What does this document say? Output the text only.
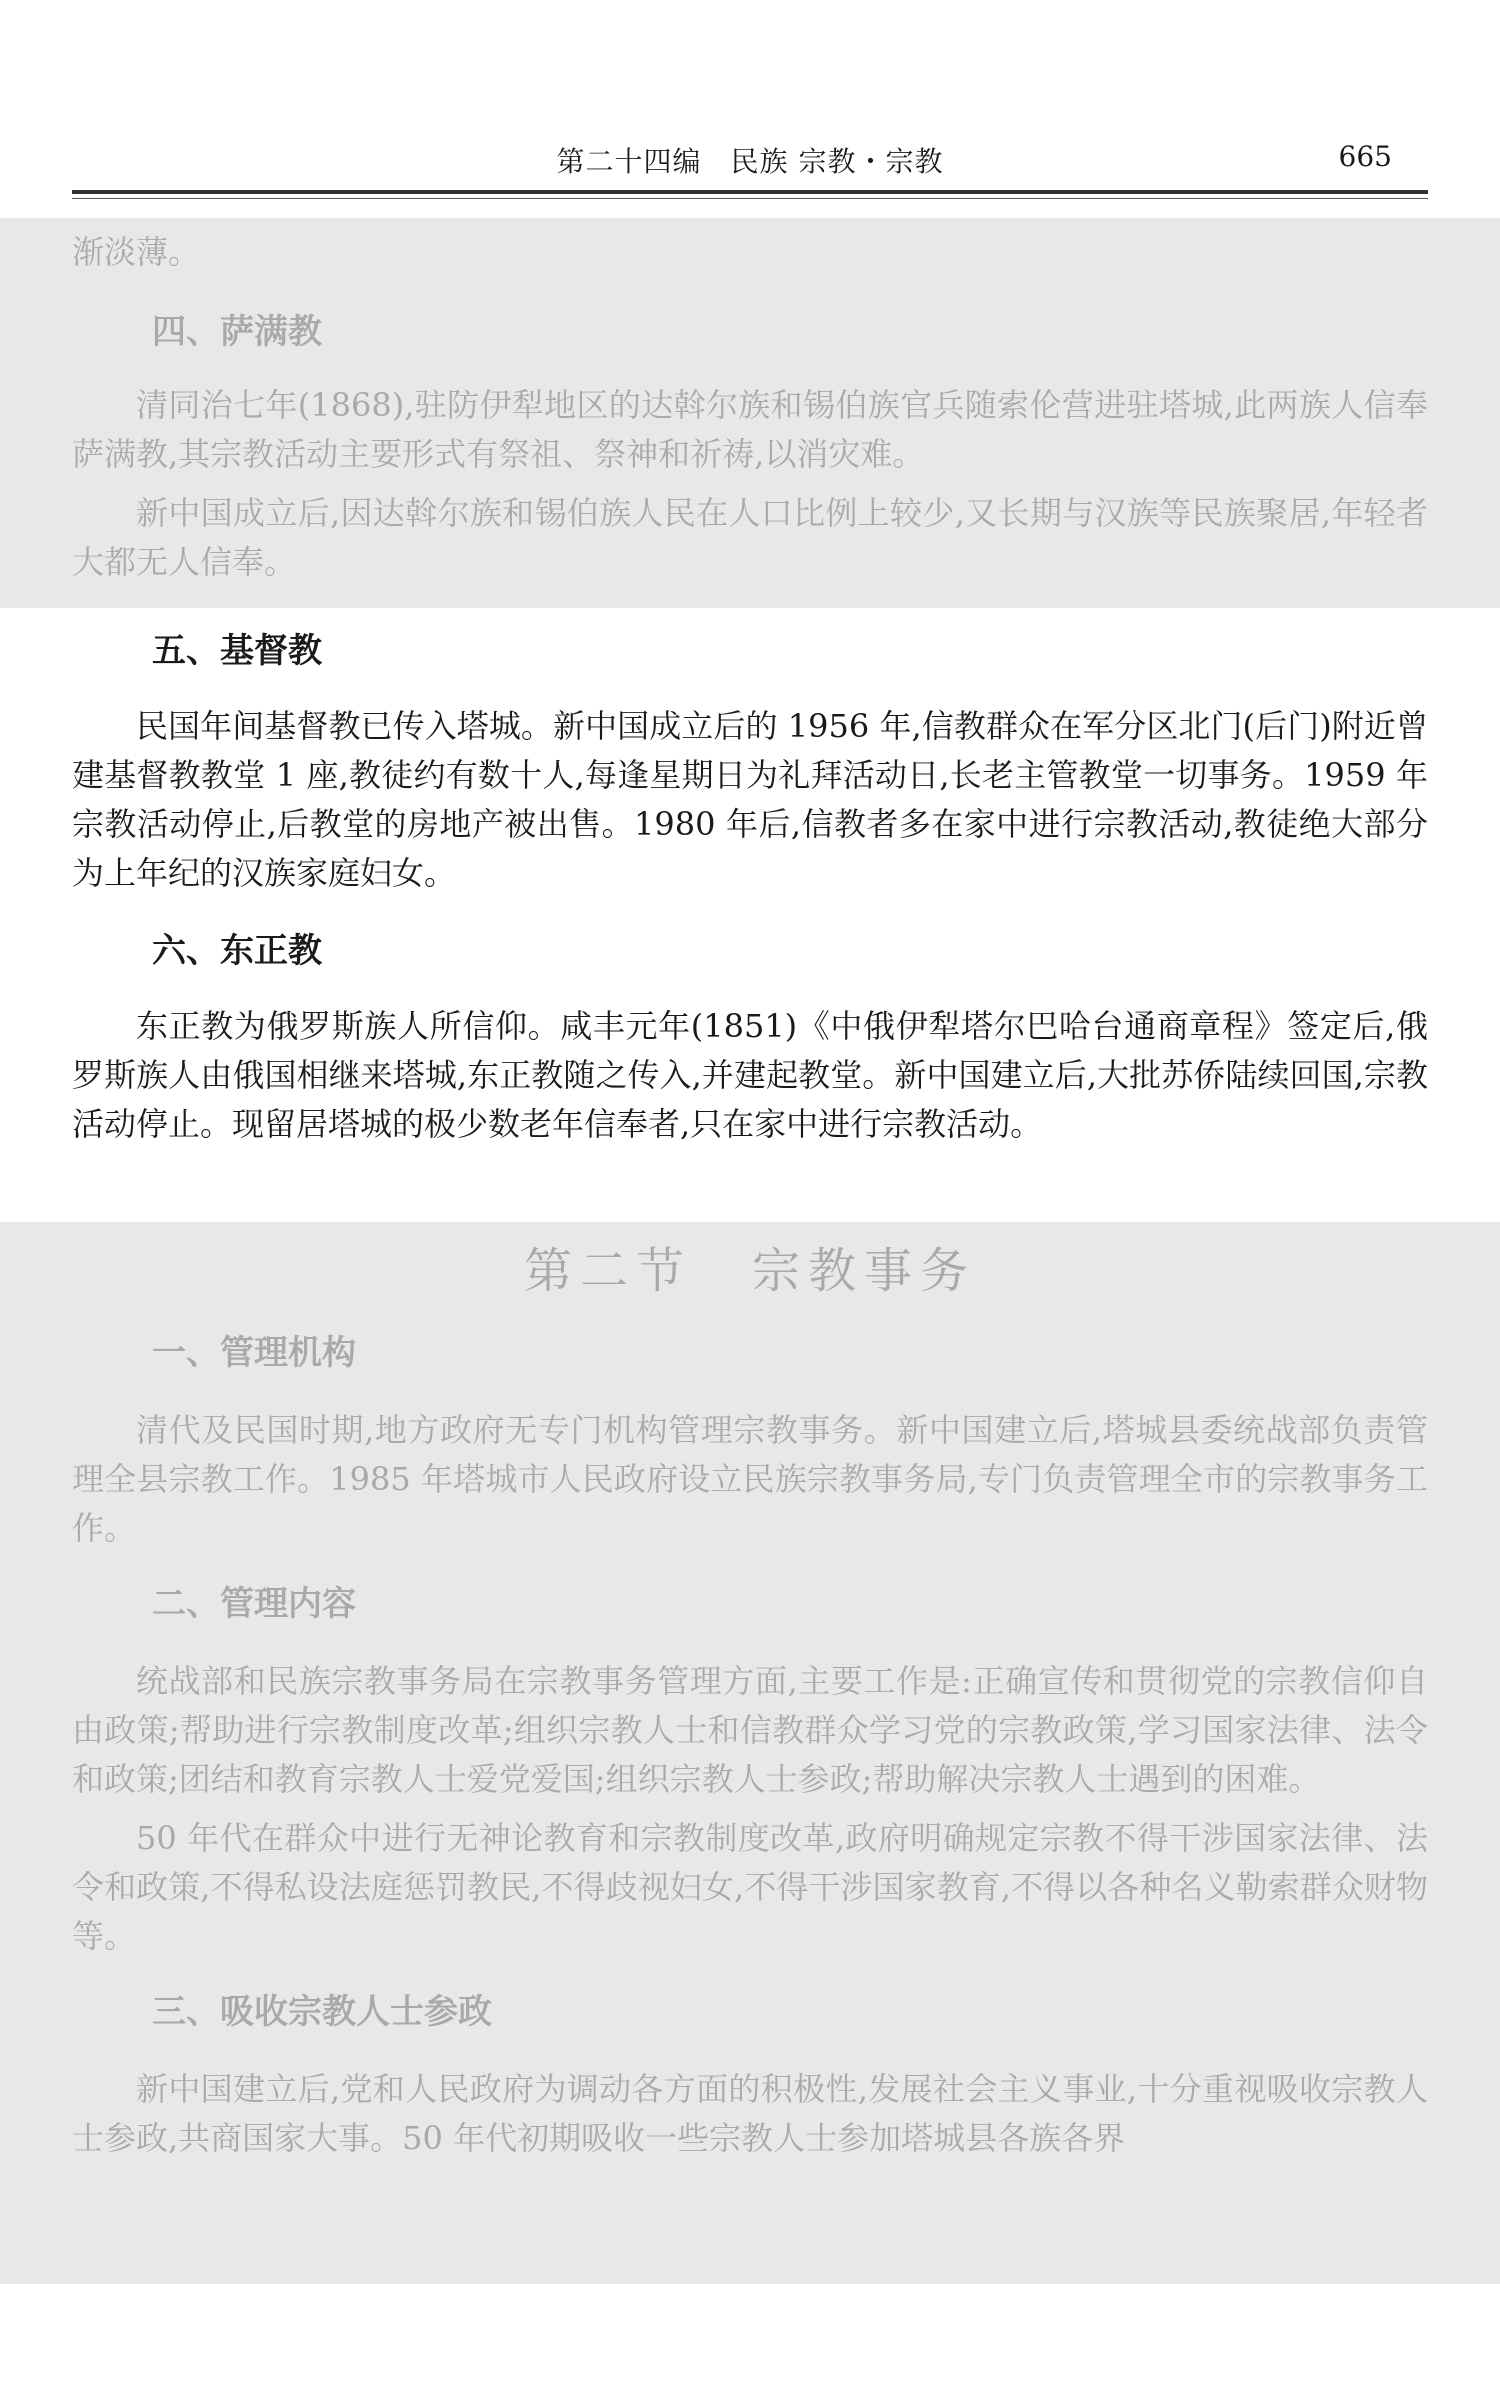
第二十四编　民族 宗教・宗教	665

渐淡薄。

四、萨满教

清同治七年(1868),驻防伊犁地区的达斡尔族和锡伯族官兵随索伦营进驻塔城,此两族人信奉萨满教,其宗教活动主要形式有祭祖、祭神和祈祷,以消灾难。

新中国成立后,因达斡尔族和锡伯族人民在人口比例上较少,又长期与汉族等民族聚居,年轻者大都无人信奉。

五、基督教

民国年间基督教已传入塔城。新中国成立后的 1956 年,信教群众在军分区北门(后门)附近曾建基督教教堂 1 座,教徒约有数十人,每逢星期日为礼拜活动日,长老主管教堂一切事务。1959 年宗教活动停止,后教堂的房地产被出售。1980 年后,信教者多在家中进行宗教活动,教徒绝大部分为上年纪的汉族家庭妇女。

六、东正教

东正教为俄罗斯族人所信仰。咸丰元年(1851)《中俄伊犁塔尔巴哈台通商章程》签定后,俄罗斯族人由俄国相继来塔城,东正教随之传入,并建起教堂。新中国建立后,大批苏侨陆续回国,宗教活动停止。现留居塔城的极少数老年信奉者,只在家中进行宗教活动。

第二节 宗教事务
一、管理机构

清代及民国时期,地方政府无专门机构管理宗教事务。新中国建立后,塔城县委统战部负责管理全县宗教工作。1985 年塔城市人民政府设立民族宗教事务局,专门负责管理全市的宗教事务工作。

二、管理内容

统战部和民族宗教事务局在宗教事务管理方面,主要工作是:正确宣传和贯彻党的宗教信仰自由政策;帮助进行宗教制度改革;组织宗教人士和信教群众学习党的宗教政策,学习国家法律、法令和政策;团结和教育宗教人士爱党爱国;组织宗教人士参政;帮助解决宗教人士遇到的困难。

50 年代在群众中进行无神论教育和宗教制度改革,政府明确规定宗教不得干涉国家法律、法令和政策,不得私设法庭惩罚教民,不得歧视妇女,不得干涉国家教育,不得以各种名义勒索群众财物等。

三、吸收宗教人士参政

新中国建立后,党和人民政府为调动各方面的积极性,发展社会主义事业,十分重视吸收宗教人士参政,共商国家大事。50 年代初期吸收一些宗教人士参加塔城县各族各界
